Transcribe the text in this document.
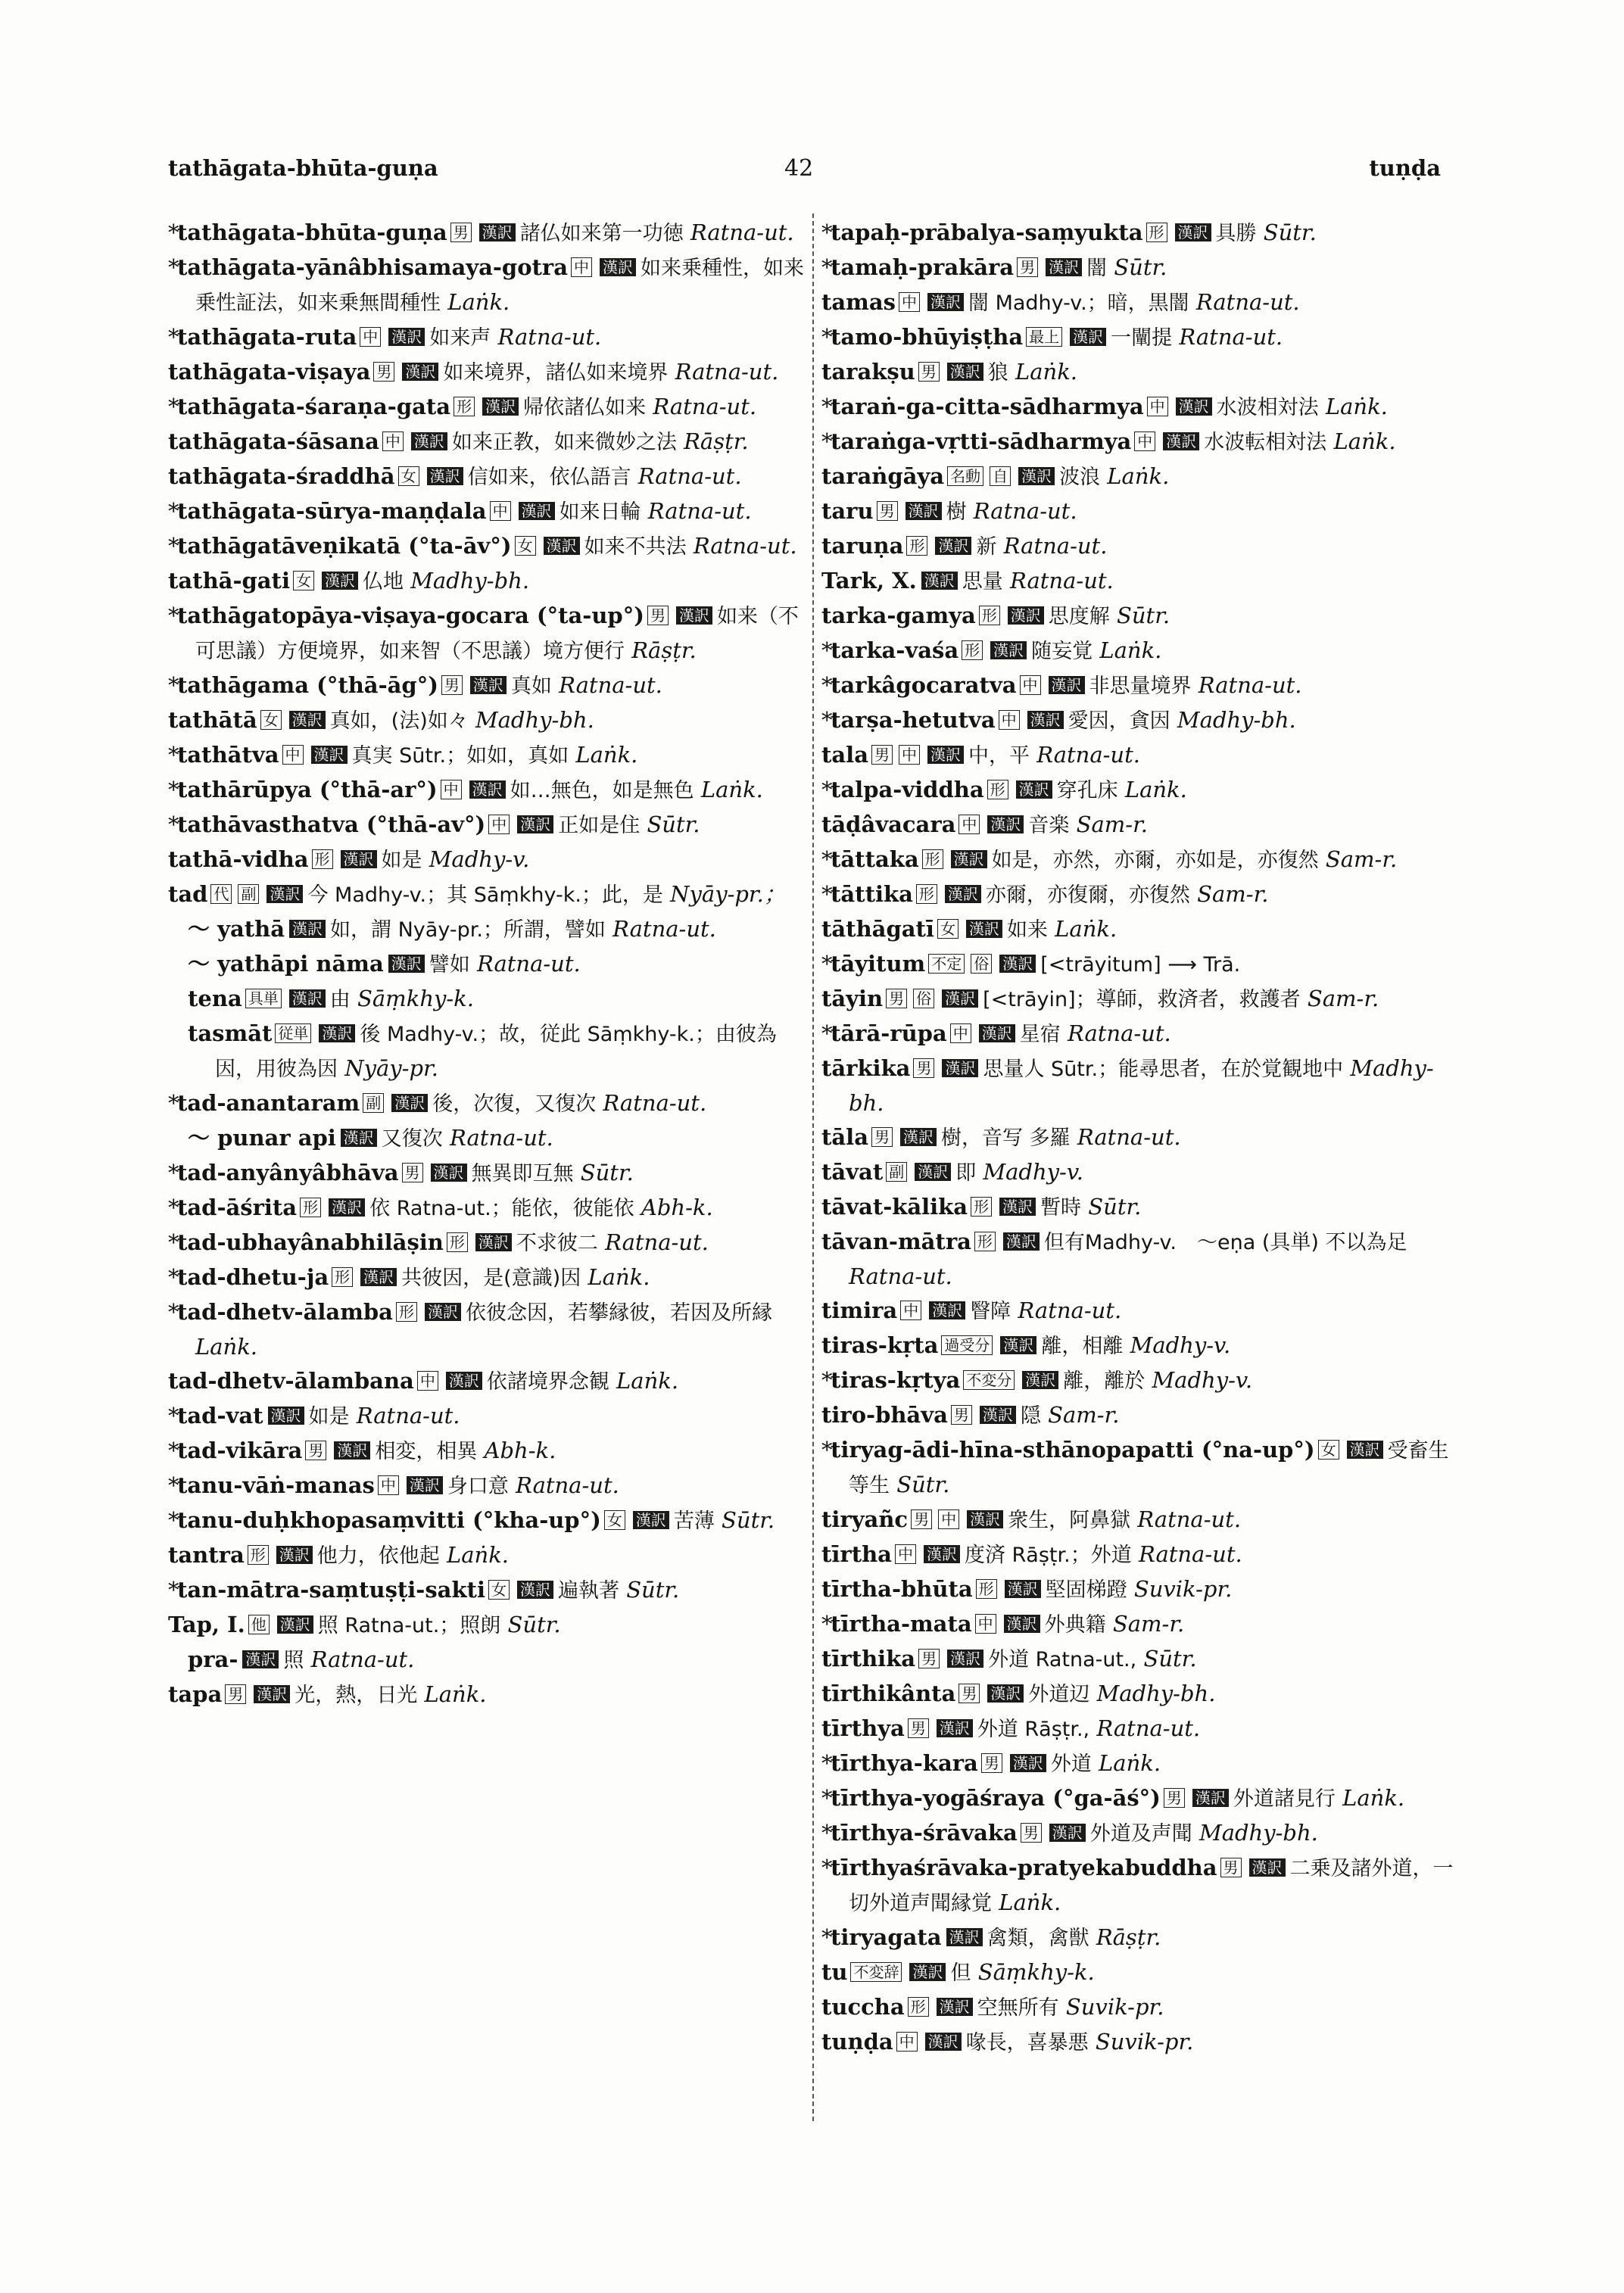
tathāgata-bhūta-guṇa	42	tuṇḍa
*tathāgata-bhūta-guṇa 男 漢訳 諸仏如来第一功徳 Ratna-ut.
*tathāgata-yānâbhisamaya-gotra 中 漢訳 如来乗種性，如来乗性証法，如来乗無間種性 Laṅk.
*tathāgata-ruta 中 漢訳 如来声 Ratna-ut.
tathāgata-viṣaya 男 漢訳 如来境界，諸仏如来境界 Ratna-ut.
*tathāgata-śaraṇa-gata 形 漢訳 帰依諸仏如来 Ratna-ut.
tathāgata-śāsana 中 漢訳 如来正教，如来微妙之法 Rāṣṭr.
tathāgata-śraddhā 女 漢訳 信如来，依仏語言 Ratna-ut.
*tathāgata-sūrya-maṇḍala 中 漢訳 如来日輪 Ratna-ut.
*tathāgatāveṇikatā (°ta-āv°) 女 漢訳 如来不共法 Ratna-ut.
tathā-gati 女 漢訳 仏地 Madhy-bh.
*tathāgatopāya-viṣaya-gocara (°ta-up°) 男 漢訳 如来（不可思議）方便境界，如来智（不思議）境方便行 Rāṣṭr.
*tathāgama (°thā-āg°) 男 漢訳 真如 Ratna-ut.
tathātā 女 漢訳 真如，(法)如々 Madhy-bh.
*tathātva 中 漢訳 真実 Sūtr.；如如，真如 Laṅk.
*tathārūpya (°thā-ar°) 中 漢訳 如…無色，如是無色 Laṅk.
*tathāvasthatva (°thā-av°) 中 漢訳 正如是住 Sūtr.
tathā-vidha 形 漢訳 如是 Madhy-v.
tad 代 副 漢訳 今 Madhy-v.；其 Sāṃkhy-k.；此，是 Nyāy-pr.；
～ yathā 漢訳 如，謂 Nyāy-pr.；所謂，譬如 Ratna-ut.
～ yathāpi nāma 漢訳 譬如 Ratna-ut.
tena 具単 漢訳 由 Sāṃkhy-k.
tasmāt 従単 漢訳 後 Madhy-v.；故，従此 Sāṃkhy-k.；由彼為因，用彼為因 Nyāy-pr.
*tad-anantaram 副 漢訳 後，次復，又復次 Ratna-ut.
～ punar api 漢訳 又復次 Ratna-ut.
*tad-anyânyâbhāva 男 漢訳 無異即互無 Sūtr.
*tad-āśrita 形 漢訳 依 Ratna-ut.；能依，彼能依 Abh-k.
*tad-ubhayânabhilāṣin 形 漢訳 不求彼二 Ratna-ut.
*tad-dhetu-ja 形 漢訳 共彼因，是(意識)因 Laṅk.
*tad-dhetv-ālamba 形 漢訳 依彼念因，若攀縁彼，若因及所縁 Laṅk.
tad-dhetv-ālambana 中 漢訳 依諸境界念観 Laṅk.
*tad-vat 漢訳 如是 Ratna-ut.
*tad-vikāra 男 漢訳 相変，相異 Abh-k.
*tanu-vāṅ-manas 中 漢訳 身口意 Ratna-ut.
*tanu-duḥkhopasaṃvitti (°kha-up°) 女 漢訳 苦薄 Sūtr.
tantra 形 漢訳 他力，依他起 Laṅk.
*tan-mātra-saṃtuṣṭi-sakti 女 漢訳 遍執著 Sūtr.
Tap, I. 他 漢訳 照 Ratna-ut.；照朗 Sūtr.
pra- 漢訳 照 Ratna-ut.
tapa 男 漢訳 光，熱，日光 Laṅk.
*tapaḥ-prābalya-saṃyukta 形 漢訳 具勝 Sūtr.
*tamaḥ-prakāra 男 漢訳 闇 Sūtr.
tamas 中 漢訳 闇 Madhy-v.；暗，黒闇 Ratna-ut.
*tamo-bhūyiṣṭha 最上 漢訳 一闡提 Ratna-ut.
tarakṣu 男 漢訳 狼 Laṅk.
*taraṅ-ga-citta-sādharmya 中 漢訳 水波相対法 Laṅk.
*taraṅga-vṛtti-sādharmya 中 漢訳 水波転相対法 Laṅk.
taraṅgāya 名動 自 漢訳 波浪 Laṅk.
taru 男 漢訳 樹 Ratna-ut.
taruṇa 形 漢訳 新 Ratna-ut.
Tark, X. 漢訳 思量 Ratna-ut.
tarka-gamya 形 漢訳 思度解 Sūtr.
*tarka-vaśa 形 漢訳 随妄覚 Laṅk.
*tarkâgocaratva 中 漢訳 非思量境界 Ratna-ut.
*tarṣa-hetutva 中 漢訳 愛因，貪因 Madhy-bh.
tala 男 中 漢訳 中，平 Ratna-ut.
*talpa-viddha 形 漢訳 穿孔床 Laṅk.
tāḍâvacara 中 漢訳 音楽 Sam-r.
*tāttaka 形 漢訳 如是，亦然，亦爾，亦如是，亦復然 Sam-r.
*tāttika 形 漢訳 亦爾，亦復爾，亦復然 Sam-r.
tāthāgatī 女 漢訳 如来 Laṅk.
*tāyitum 不定 俗 漢訳 [<trāyitum] ⟶ Trā.
tāyin 男 俗 漢訳 [<trāyin]；導師，救済者，救護者 Sam-r.
*tārā-rūpa 中 漢訳 星宿 Ratna-ut.
tārkika 男 漢訳 思量人 Sūtr.；能尋思者，在於覚観地中 Madhy-bh.
tāla 男 漢訳 樹，音写 多羅 Ratna-ut.
tāvat 副 漢訳 即 Madhy-v.
tāvat-kālika 形 漢訳 暫時 Sūtr.
tāvan-mātra 形 漢訳 但有Madhy-v.　～eṇa (具単) 不以為足 Ratna-ut.
timira 中 漢訳 瞖障 Ratna-ut.
tiras-kṛta 過受分 漢訳 離，相離 Madhy-v.
*tiras-kṛtya 不変分 漢訳 離，離於 Madhy-v.
tiro-bhāva 男 漢訳 隠 Sam-r.
*tiryag-ādi-hīna-sthānopapatti (°na-up°) 女 漢訳 受畜生等生 Sūtr.
tiryañc 男 中 漢訳 衆生，阿鼻獄 Ratna-ut.
tīrtha 中 漢訳 度済 Rāṣṭr.；外道 Ratna-ut.
tīrtha-bhūta 形 漢訳 堅固梯蹬 Suvik-pr.
*tīrtha-mata 中 漢訳 外典籍 Sam-r.
tīrthika 男 漢訳 外道 Ratna-ut., Sūtr.
tīrthikânta 男 漢訳 外道辺 Madhy-bh.
tīrthya 男 漢訳 外道 Rāṣṭr., Ratna-ut.
*tīrthya-kara 男 漢訳 外道 Laṅk.
*tīrthya-yogāśraya (°ga-āś°) 男 漢訳 外道諸見行 Laṅk.
*tīrthya-śrāvaka 男 漢訳 外道及声聞 Madhy-bh.
*tīrthyaśrāvaka-pratyekabuddha 男 漢訳 二乗及諸外道，一切外道声聞縁覚 Laṅk.
*tiryagata 漢訳 禽類，禽獣 Rāṣṭr.
tu 不変辞 漢訳 但 Sāṃkhy-k.
tuccha 形 漢訳 空無所有 Suvik-pr.
tuṇḍa 中 漢訳 喙長，喜暴悪 Suvik-pr.
